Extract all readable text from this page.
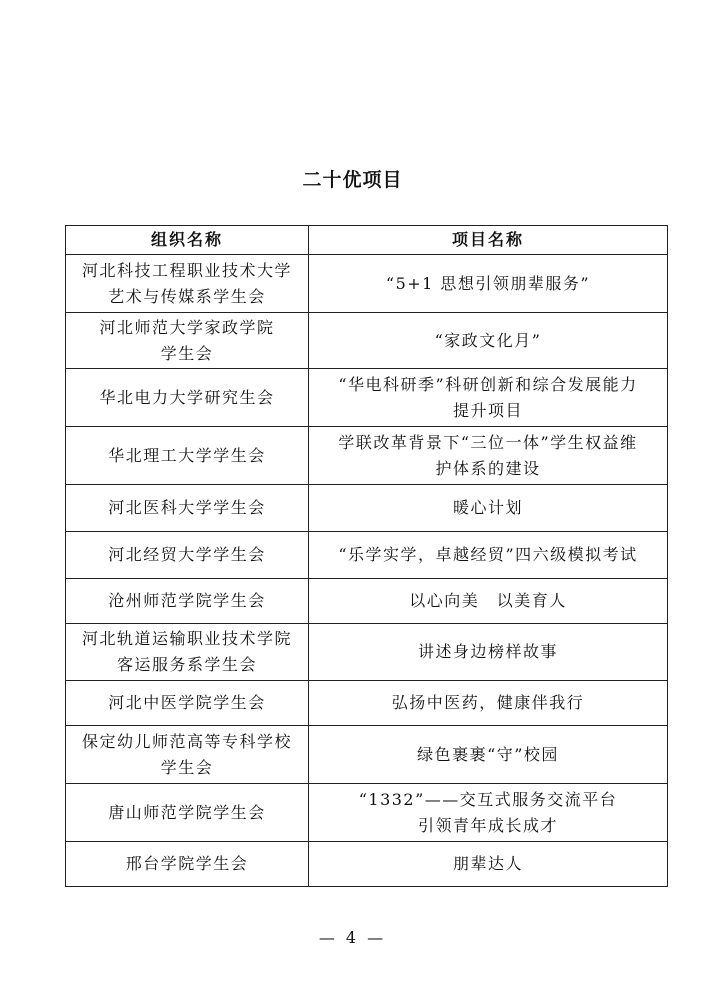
二十优项目
组织名称	项目名称
河北科技工程职业技术大学
艺术与传媒系学生会	“5+1 思想引领朋辈服务”
河北师范大学家政学院
学生会	“家政文化月”
华北电力大学研究生会	“华电科研季”科研创新和综合发展能力
提升项目
华北理工大学学生会	学联改革背景下“三位一体”学生权益维
护体系的建设
河北医科大学学生会	暖心计划
河北经贸大学学生会	“乐学实学，卓越经贸”四六级模拟考试
沧州师范学院学生会	以心向美　以美育人
河北轨道运输职业技术学院
客运服务系学生会	讲述身边榜样故事
河北中医学院学生会	弘扬中医药，健康伴我行
保定幼儿师范高等专科学校
学生会	绿色裹裹“守”校园
唐山师范学院学生会	“1332”——交互式服务交流平台
引领青年成长成才
邢台学院学生会	朋辈达人
— 4 —
